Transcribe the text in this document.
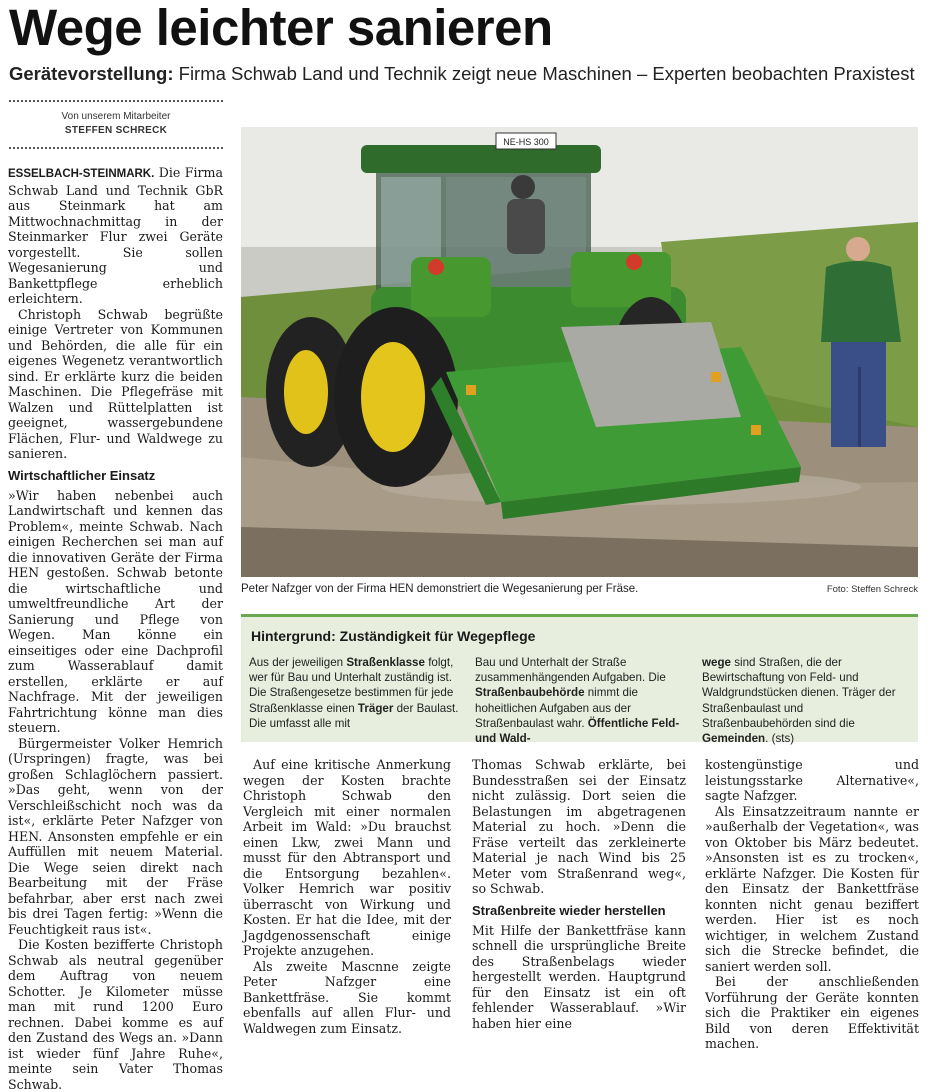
Wege leichter sanieren
Gerätevorstellung: Firma Schwab Land und Technik zeigt neue Maschinen – Experten beobachten Praxistest
Von unserem Mitarbeiter
STEFFEN SCHRECK

ESSELBACH-STEINMARK. Die Firma Schwab Land und Technik GbR aus Steinmark hat am Mittwochnachmittag in der Steinmarker Flur zwei Geräte vorgestellt. Sie sollen Wegesanierung und Bankettpflege erheblich erleichtern.

Christoph Schwab begrüßte einige Vertreter von Kommunen und Behörden, die alle für ein eigenes Wegenetz verantwortlich sind. Er erklärte kurz die beiden Maschinen. Die Pflegefräse mit Walzen und Rüttelplatten ist geeignet, wassergebundene Flächen, Flur- und Waldwege zu sanieren.

Wirtschaftlicher Einsatz

»Wir haben nebenbei auch Landwirtschaft und kennen das Problem«, meinte Schwab. Nach einigen Recherchen sei man auf die innovativen Geräte der Firma HEN gestoßen. Schwab betonte die wirtschaftliche und umweltfreundliche Art der Sanierung und Pflege von Wegen. Man könne ein einseitiges oder eine Dachprofil zum Wasserablauf damit erstellen, erklärte er auf Nachfrage. Mit der jeweiligen Fahrtrichtung könne man dies steuern.

Bürgermeister Volker Hemrich (Urspringen) fragte, was bei großen Schlaglöchern passiert. »Das geht, wenn von der Verschleißschicht noch was da ist«, erklärte Peter Nafzger von HEN. Ansonsten empfehle er ein Auffüllen mit neuem Material. Die Wege seien direkt nach Bearbeitung mit der Fräse befahrbar, aber erst nach zwei bis drei Tagen fertig: »Wenn die Feuchtigkeit raus ist«.

Die Kosten bezifferte Christoph Schwab als neutral gegenüber dem Auftrag von neuem Schotter. Je Kilometer müsse man mit rund 1200 Euro rechnen. Dabei komme es auf den Zustand des Wegs an. »Dann ist wieder fünf Jahre Ruhe«, meinte sein Vater Thomas Schwab.

NE-HS 300
Peter Nafzger von der Firma HEN demonstriert die Wegesanierung per Fräse.	Foto: Steffen Schreck
Hintergrund: Zuständigkeit für Wegepflege
Aus der jeweiligen Straßenklasse folgt, wer für Bau und Unterhalt zuständig ist. Die Straßengesetze bestimmen für jede Straßenklasse einen Träger der Baulast. Die umfasst alle mit
Bau und Unterhalt der Straße zusammenhängenden Aufgaben. Die Straßenbaubehörde nimmt die hoheitlichen Aufgaben aus der Straßenbaulast wahr. Öffentliche Feld- und Wald-
wege sind Straßen, die der Bewirtschaftung von Feld- und Waldgrundstücken dienen. Träger der Straßenbaulast und Straßenbaubehörden sind die Gemeinden. (sts)

Auf eine kritische Anmerkung wegen der Kosten brachte Christoph Schwab den Vergleich mit einer normalen Arbeit im Wald: »Du brauchst einen Lkw, zwei Mann und musst für den Abtransport und die Entsorgung bezahlen«. Volker Hemrich war positiv überrascht von Wirkung und Kosten. Er hat die Idee, mit der Jagdgenossenschaft einige Projekte anzugehen.

Als zweite Mascnne zeigte Peter Nafzger eine Bankettfräse. Sie kommt ebenfalls auf allen Flur- und Waldwegen zum Einsatz.

Thomas Schwab erklärte, bei Bundesstraßen sei der Einsatz nicht zulässig. Dort seien die Belastungen im abgetragenen Material zu hoch. »Denn die Fräse verteilt das zerkleinerte Material je nach Wind bis 25 Meter vom Straßenrand weg«, so Schwab.

Straßenbreite wieder herstellen

Mit Hilfe der Bankettfräse kann schnell die ursprüngliche Breite des Straßenbelags wieder hergestellt werden. Hauptgrund für den Einsatz ist ein oft fehlender Wasserablauf. »Wir haben hier eine

kostengünstige und leistungsstarke Alternative«, sagte Nafzger.

Als Einsatzzeitraum nannte er »außerhalb der Vegetation«, was von Oktober bis März bedeutet. »Ansonsten ist es zu trocken«, erklärte Nafzger. Die Kosten für den Einsatz der Bankettfräse konnten nicht genau beziffert werden. Hier ist es noch wichtiger, in welchem Zustand sich die Strecke befindet, die saniert werden soll.

Bei der anschließenden Vorführung der Geräte konnten sich die Praktiker ein eigenes Bild von deren Effektivität machen.
